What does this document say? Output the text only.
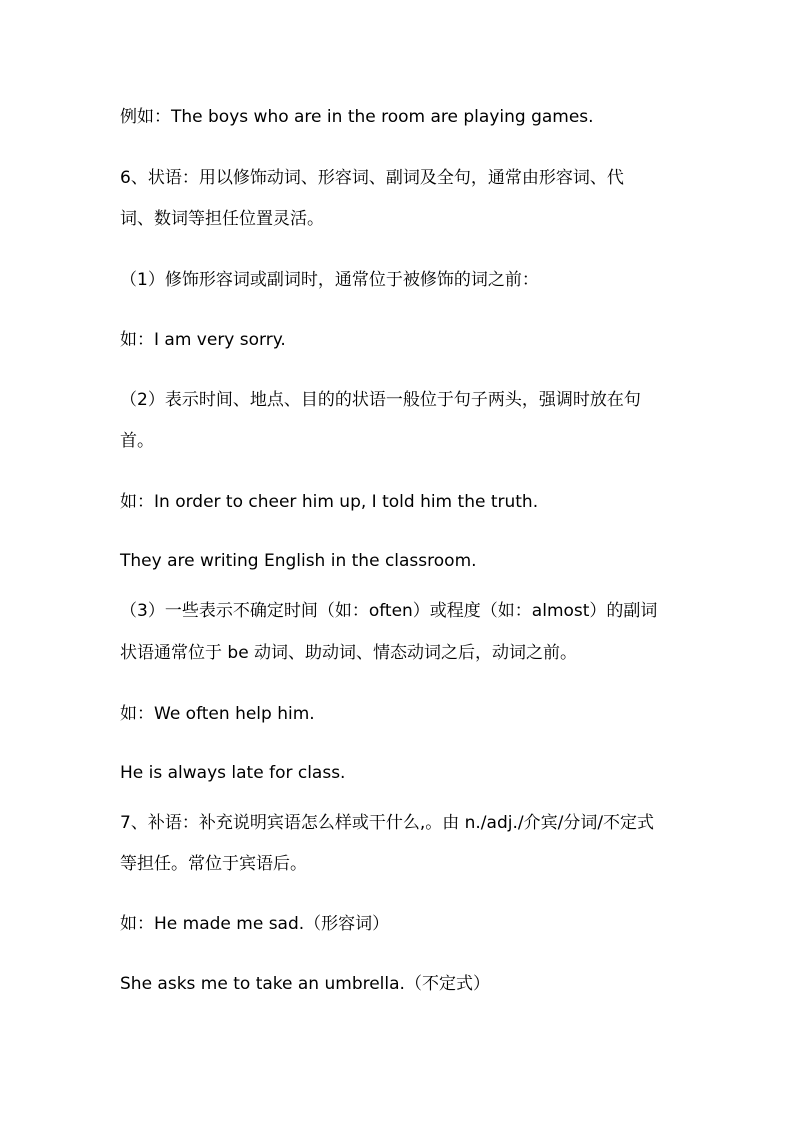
例如：The boys who are in the room are playing games.
6、状语：用以修饰动词、形容词、副词及全句，通常由形容词、代
词、数词等担任位置灵活。
（1）修饰形容词或副词时，通常位于被修饰的词之前：
如：I am very sorry.
（2）表示时间、地点、目的的状语一般位于句子两头，强调时放在句
首。
如：In order to cheer him up, I told him the truth.
They are writing English in the classroom.
（3）一些表示不确定时间（如：often）或程度（如：almost）的副词
状语通常位于 be 动词、助动词、情态动词之后，动词之前。
如：We often help him.
He is always late for class.
7、补语：补充说明宾语怎么样或干什么,。由 n./adj./介宾/分词/不定式
等担任。常位于宾语后。
如：He made me sad.（形容词）
She asks me to take an umbrella.（不定式）
